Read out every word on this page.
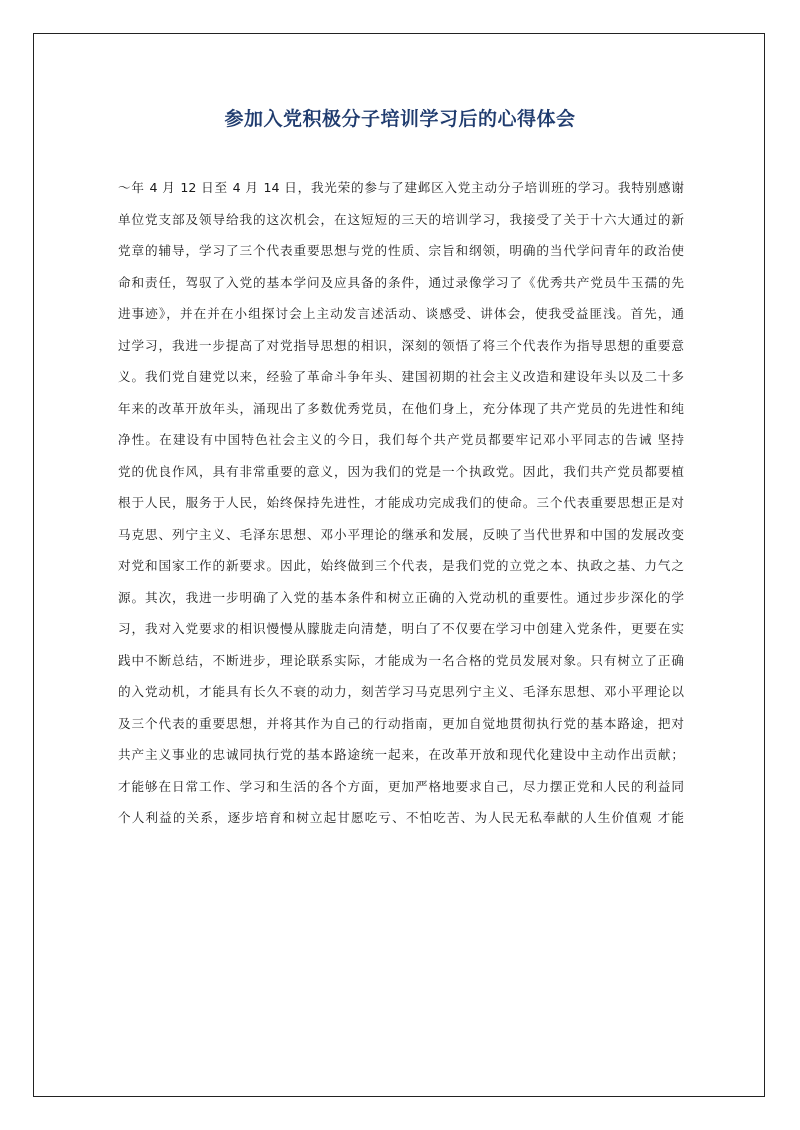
参加入党积极分子培训学习后的心得体会
～年 4 月 12 日至 4 月 14 日，我光荣的参与了建邺区入党主动分子培训班的学习。我特别感谢
单位党支部及领导给我的这次机会，在这短短的三天的培训学习，我接受了关于十六大通过的新
党章的辅导，学习了三个代表重要思想与党的性质、宗旨和纲领，明确的当代学问青年的政治使
命和责任，驾驭了入党的基本学问及应具备的条件，通过录像学习了《优秀共产党员牛玉孺的先
进事迹》，并在并在小组探讨会上主动发言述活动、谈感受、讲体会，使我受益匪浅。首先，通
过学习，我进一步提高了对党指导思想的相识，深刻的领悟了将三个代表作为指导思想的重要意
义。我们党自建党以来，经验了革命斗争年头、建国初期的社会主义改造和建设年头以及二十多
年来的改革开放年头，涌现出了多数优秀党员，在他们身上，充分体现了共产党员的先进性和纯
净性。在建设有中国特色社会主义的今日，我们每个共产党员都要牢记邓小平同志的告诫 坚持
党的优良作风，具有非常重要的意义，因为我们的党是一个执政党。因此，我们共产党员都要植
根于人民，服务于人民，始终保持先进性，才能成功完成我们的使命。三个代表重要思想正是对
马克思、列宁主义、毛泽东思想、邓小平理论的继承和发展，反映了当代世界和中国的发展改变
对党和国家工作的新要求。因此，始终做到三个代表，是我们党的立党之本、执政之基、力气之
源。其次，我进一步明确了入党的基本条件和树立正确的入党动机的重要性。通过步步深化的学
习，我对入党要求的相识慢慢从朦胧走向清楚，明白了不仅要在学习中创建入党条件，更要在实
践中不断总结，不断进步，理论联系实际，才能成为一名合格的党员发展对象。只有树立了正确
的入党动机，才能具有长久不衰的动力，刻苦学习马克思列宁主义、毛泽东思想、邓小平理论以
及三个代表的重要思想，并将其作为自己的行动指南，更加自觉地贯彻执行党的基本路途，把对
共产主义事业的忠诚同执行党的基本路途统一起来，在改革开放和现代化建设中主动作出贡献；
才能够在日常工作、学习和生活的各个方面，更加严格地要求自己，尽力摆正党和人民的利益同
个人利益的关系，逐步培育和树立起甘愿吃亏、不怕吃苦、为人民无私奉献的人生价值观 才能
